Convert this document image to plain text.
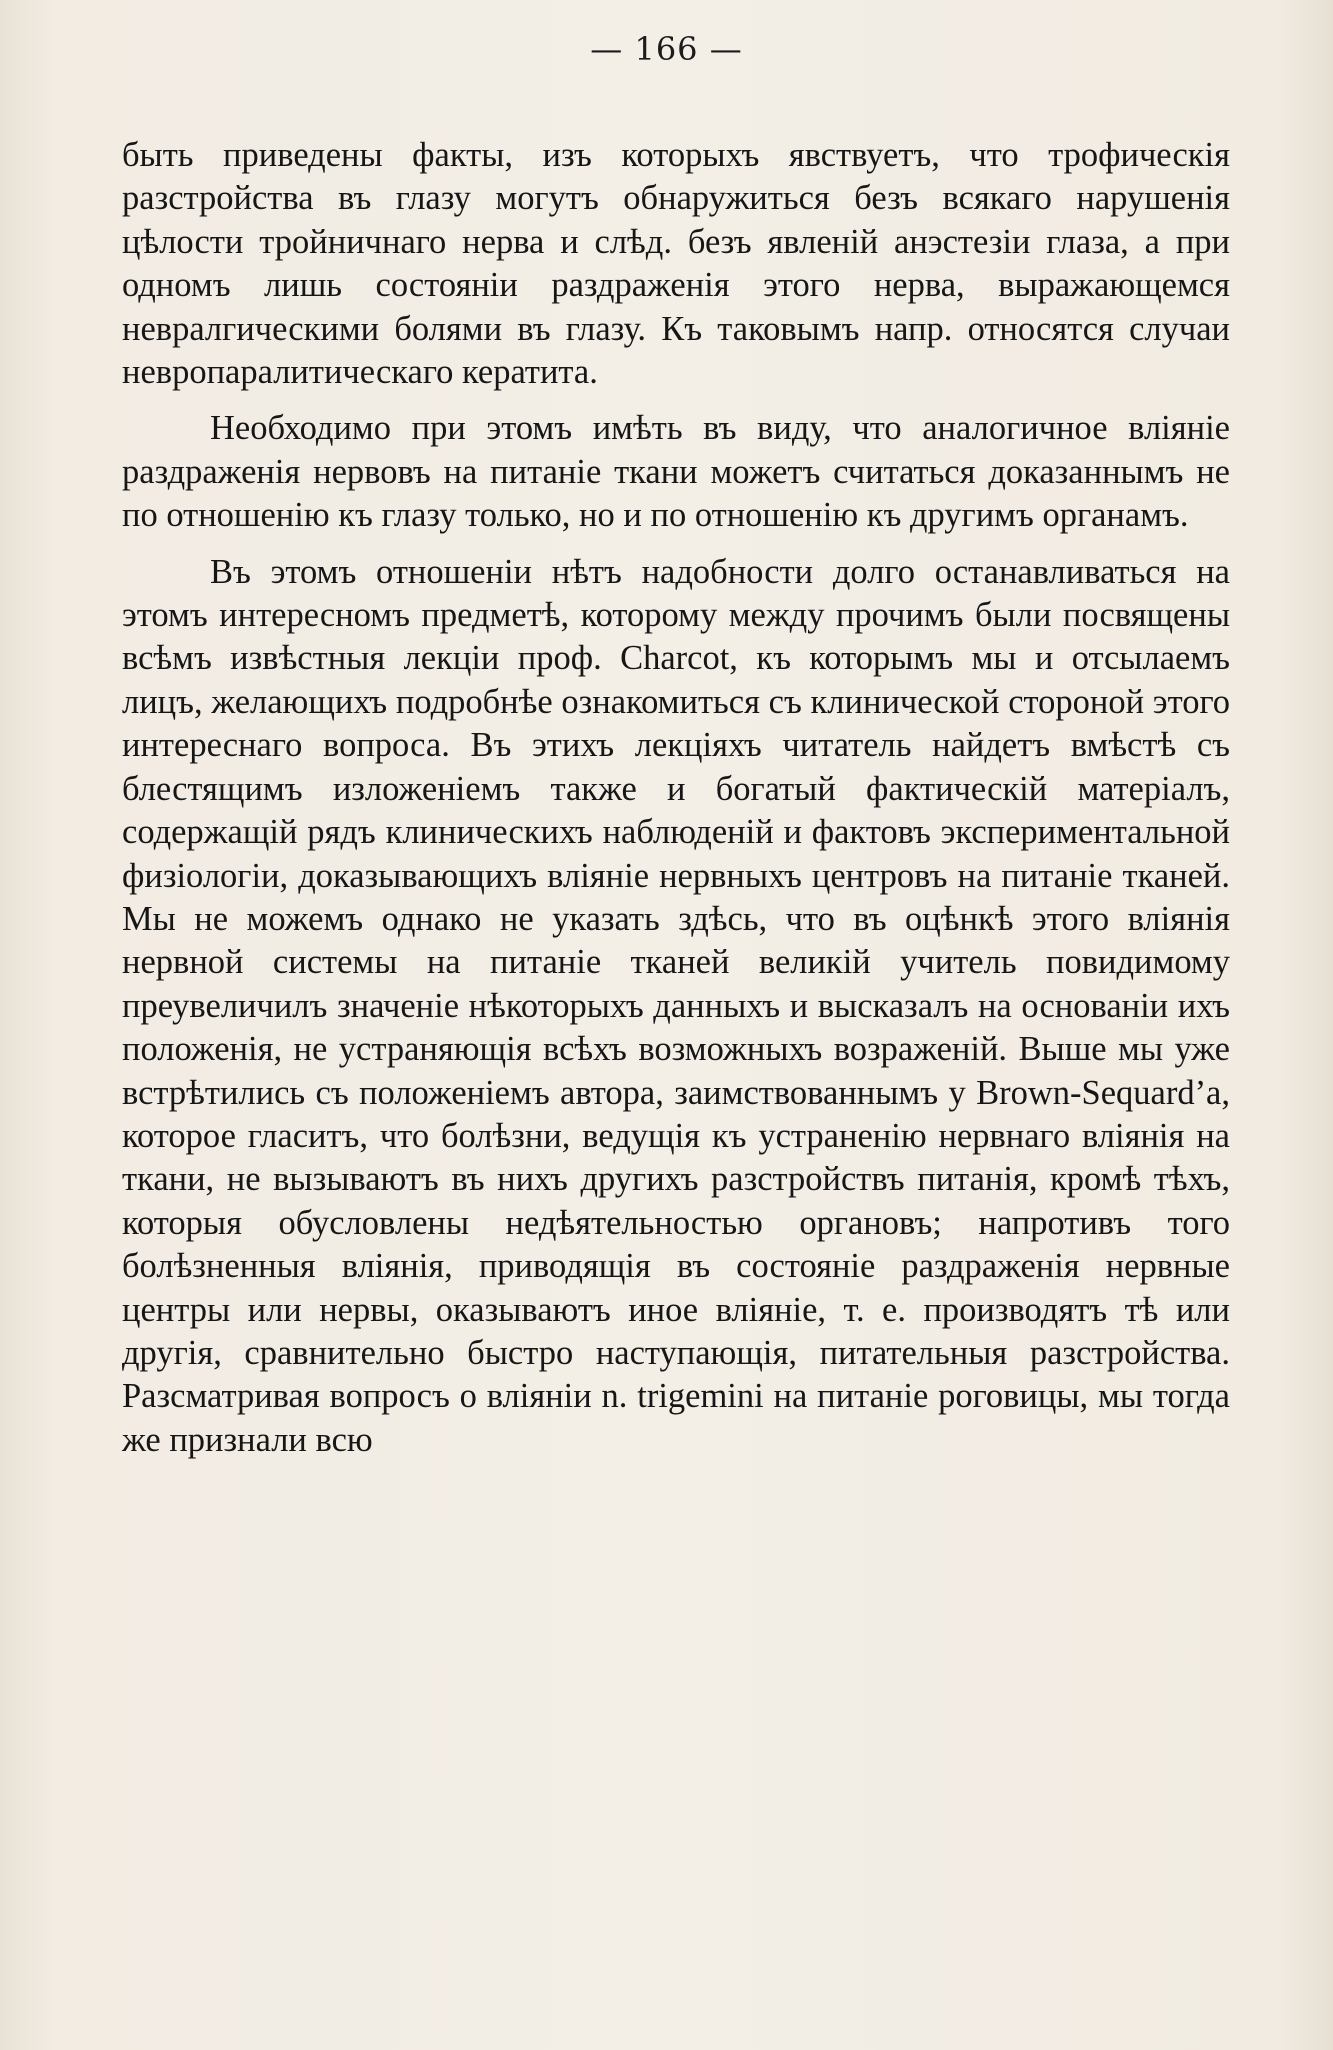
— 166 —

быть приведены факты, изъ которыхъ явствуетъ, что трофическія разстройства въ глазу могутъ обнаружиться безъ всякаго нарушенія цѣлости тройничнаго нерва и слѣд. безъ явленій анэстезіи глаза, а при одномъ лишь состояніи раздраженія этого нерва, выражающемся невралгическими болями въ глазу. Къ таковымъ напр. относятся случаи невропаралитическаго кератита.

Необходимо при этомъ имѣть въ виду, что аналогичное вліяніе раздраженія нервовъ на питаніе ткани можетъ считаться доказаннымъ не по отношенію къ глазу только, но и по отношенію къ другимъ органамъ.

Въ этомъ отношеніи нѣтъ надобности долго останавливаться на этомъ интересномъ предметѣ, которому между прочимъ были посвящены всѣмъ извѣстныя лекціи проф. Charcot, къ которымъ мы и отсылаемъ лицъ, желающихъ подробнѣе ознакомиться съ клинической стороной этого интереснаго вопроса. Въ этихъ лекціяхъ читатель найдетъ вмѣстѣ съ блестящимъ изложеніемъ также и богатый фактическій матеріалъ, содержащій рядъ клиническихъ наблюденій и фактовъ экспериментальной физіологіи, доказывающихъ вліяніе нервныхъ центровъ на питаніе тканей. Мы не можемъ однако не указать здѣсь, что въ оцѣнкѣ этого вліянія нервной системы на питаніе тканей великій учитель повидимому преувеличилъ значеніе нѣкоторыхъ данныхъ и высказалъ на основаніи ихъ положенія, не устраняющія всѣхъ возможныхъ возраженій. Выше мы уже встрѣтились съ положеніемъ автора, заимствованнымъ у Brown-Sequard’a, которое гласитъ, что болѣзни, ведущія къ устраненію нервнаго вліянія на ткани, не вызываютъ въ нихъ другихъ разстройствъ питанія, кромѣ тѣхъ, которыя обусловлены недѣятельностью органовъ; напротивъ того болѣзненныя вліянія, приводящія въ состояніе раздраженія нервные центры или нервы, оказываютъ иное вліяніе, т. е. производятъ тѣ или другія, сравнительно быстро наступающія, питательныя разстройства. Разсматривая вопросъ о вліяніи n. trigemini на питаніе роговицы, мы тогда же признали всю
